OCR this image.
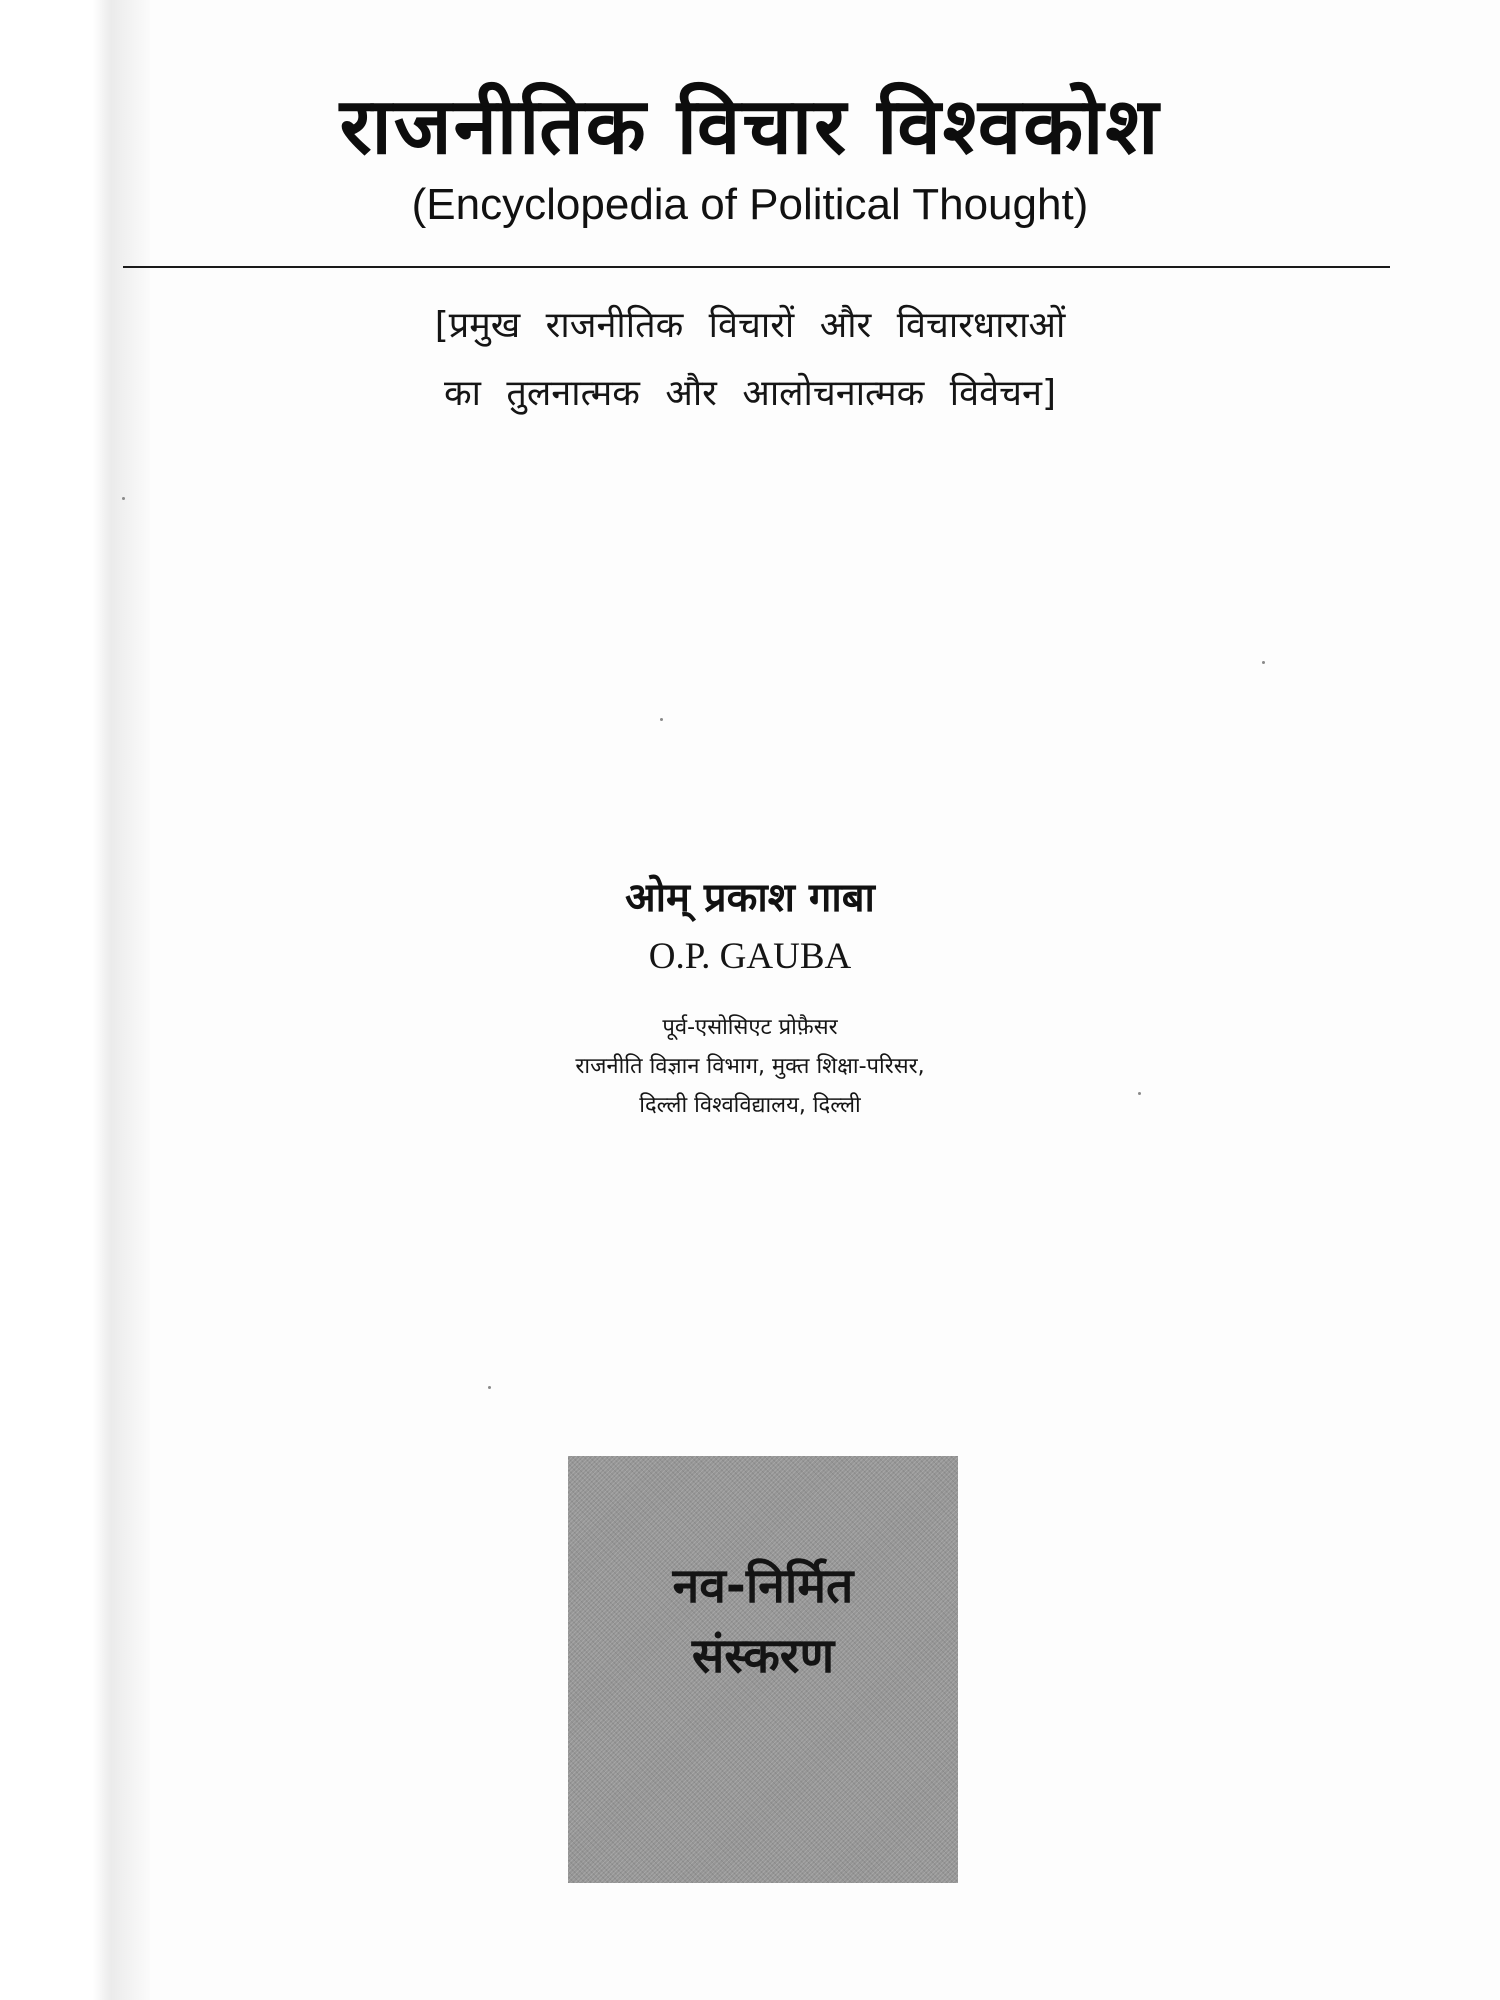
राजनीतिक विचार विश्वकोश
(Encyclopedia of Political Thought)
[प्रमुख राजनीतिक विचारों और विचारधाराओं
का तुलनात्मक और आलोचनात्मक विवेचन]
ओम् प्रकाश गाबा
O.P. GAUBA
पूर्व-एसोसिएट प्रोफ़ैसर
राजनीति विज्ञान विभाग, मुक्त शिक्षा-परिसर,
दिल्ली विश्वविद्यालय, दिल्ली
नव-निर्मित
संस्करण
